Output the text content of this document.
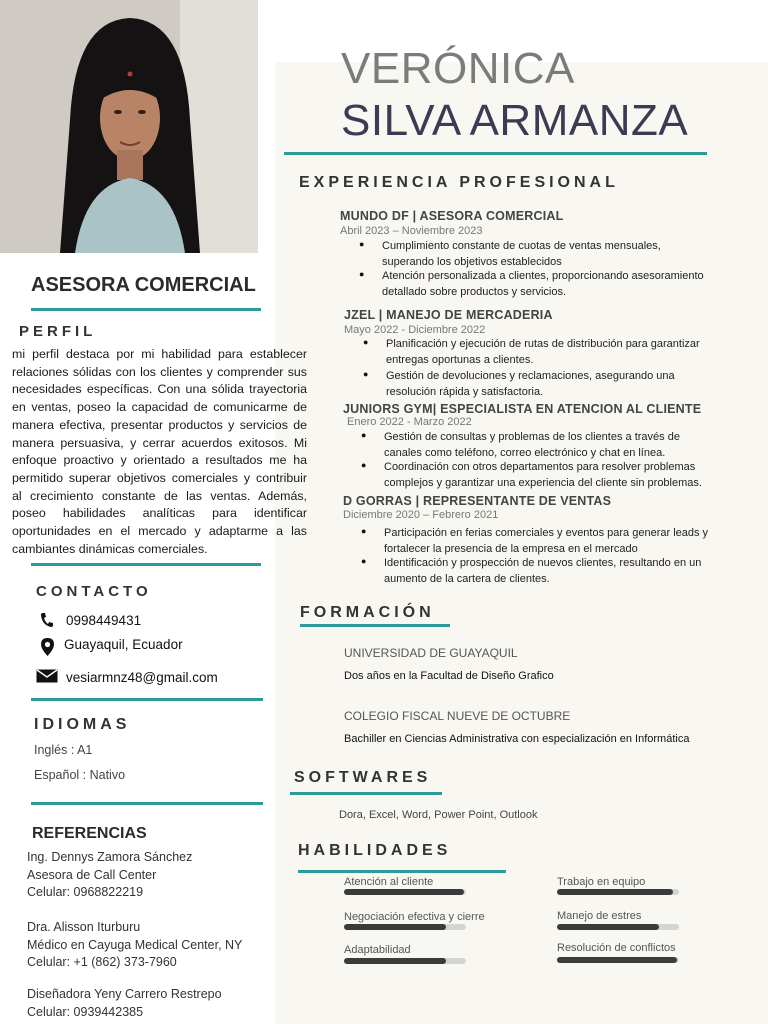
VERÓNICA
SILVA ARMANZA
ASESORA COMERCIAL
PERFIL
mi perfil destaca por mi habilidad para establecer relaciones sólidas con los clientes y comprender sus necesidades específicas. Con una sólida trayectoria en ventas, poseo la capacidad de comunicarme de manera efectiva, presentar productos y servicios de manera persuasiva, y cerrar acuerdos exitosos. Mi enfoque proactivo y orientado a resultados me ha permitido superar objetivos comerciales y contribuir al crecimiento constante de las ventas. Además, poseo habilidades analíticas para identificar oportunidades en el mercado y adaptarme a las cambiantes dinámicas comerciales.
CONTACTO
0998449431
Guayaquil, Ecuador
vesiarmnz48@gmail.com
IDIOMAS
Inglés : A1
Español : Nativo
REFERENCIAS
Ing. Dennys Zamora Sánchez
Asesora de Call Center
Celular: 0968822219
Dra. Alisson Iturburu
Médico en Cayuga Medical Center, NY
Celular: +1 (862) 373-7960
Diseñadora Yeny Carrero Restrepo
Celular: 0939442385
EXPERIENCIA PROFESIONAL
MUNDO DF | ASESORA COMERCIAL
Abril 2023 – Noviembre 2023
● Cumplimiento constante de cuotas de ventas mensuales,
superando los objetivos establecidos
● Atención personalizada a clientes, proporcionando asesoramiento
detallado sobre productos y servicios.
JZEL | MANEJO DE MERCADERIA
Mayo 2022 - Diciembre 2022
● Planificación y ejecución de rutas de distribución para garantizar
entregas oportunas a clientes.
● Gestión de devoluciones y reclamaciones, asegurando una
resolución rápida y satisfactoria.
JUNIORS GYM| ESPECIALISTA EN ATENCION AL CLIENTE
Enero 2022 - Marzo 2022
● Gestión de consultas y problemas de los clientes a través de
canales como teléfono, correo electrónico y chat en línea.
● Coordinación con otros departamentos para resolver problemas
complejos y garantizar una experiencia del cliente sin problemas.
D GORRAS | REPRESENTANTE DE VENTAS
Diciembre 2020 – Febrero 2021
● Participación en ferias comerciales y eventos para generar leads y
fortalecer la presencia de la empresa en el mercado
● Identificación y prospección de nuevos clientes, resultando en un
aumento de la cartera de clientes.
FORMACIÓN
UNIVERSIDAD DE GUAYAQUIL
Dos años en la Facultad de Diseño Grafico
COLEGIO FISCAL NUEVE DE OCTUBRE
Bachiller en Ciencias Administrativa con especialización en Informática
SOFTWARES
Dora, Excel, Word, Power Point, Outlook
HABILIDADES
Atención al cliente	Trabajo en equipo
Negociación efectiva y cierre	Manejo de estres
Adaptabilidad	Resolución de conflictos
